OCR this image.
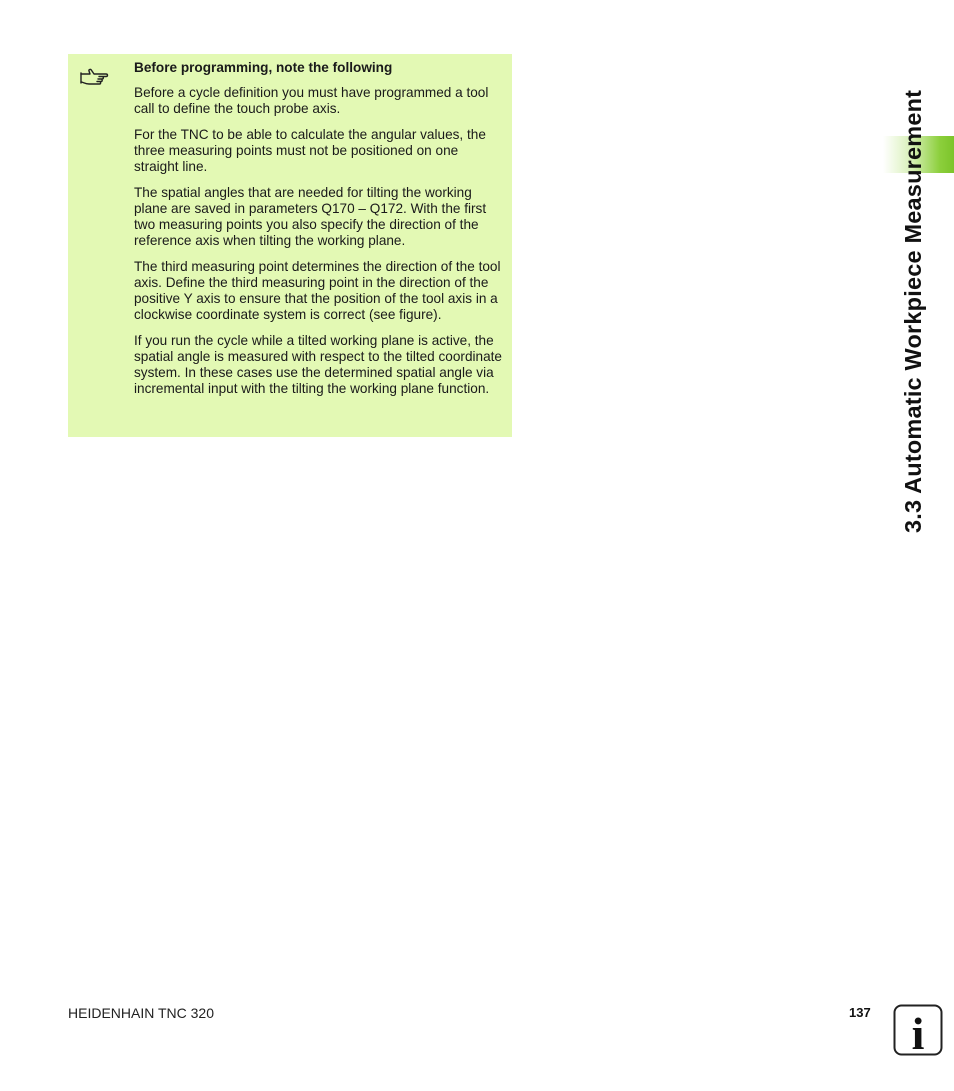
Before programming, note the following

Before a cycle definition you must have programmed a tool call to define the touch probe axis.

For the TNC to be able to calculate the angular values, the three measuring points must not be positioned on one straight line.

The spatial angles that are needed for tilting the working plane are saved in parameters Q170 – Q172. With the first two measuring points you also specify the direction of the reference axis when tilting the working plane.

The third measuring point determines the direction of the tool axis. Define the third measuring point in the direction of the positive Y axis to ensure that the position of the tool axis in a clockwise coordinate system is correct (see figure).

If you run the cycle while a tilted working plane is active, the spatial angle is measured with respect to the tilted coordinate system. In these cases use the determined spatial angle via incremental input with the tilting the working plane function.	3.3 Automatic Workpiece Measurement
HEIDENHAIN TNC 320	137 i
